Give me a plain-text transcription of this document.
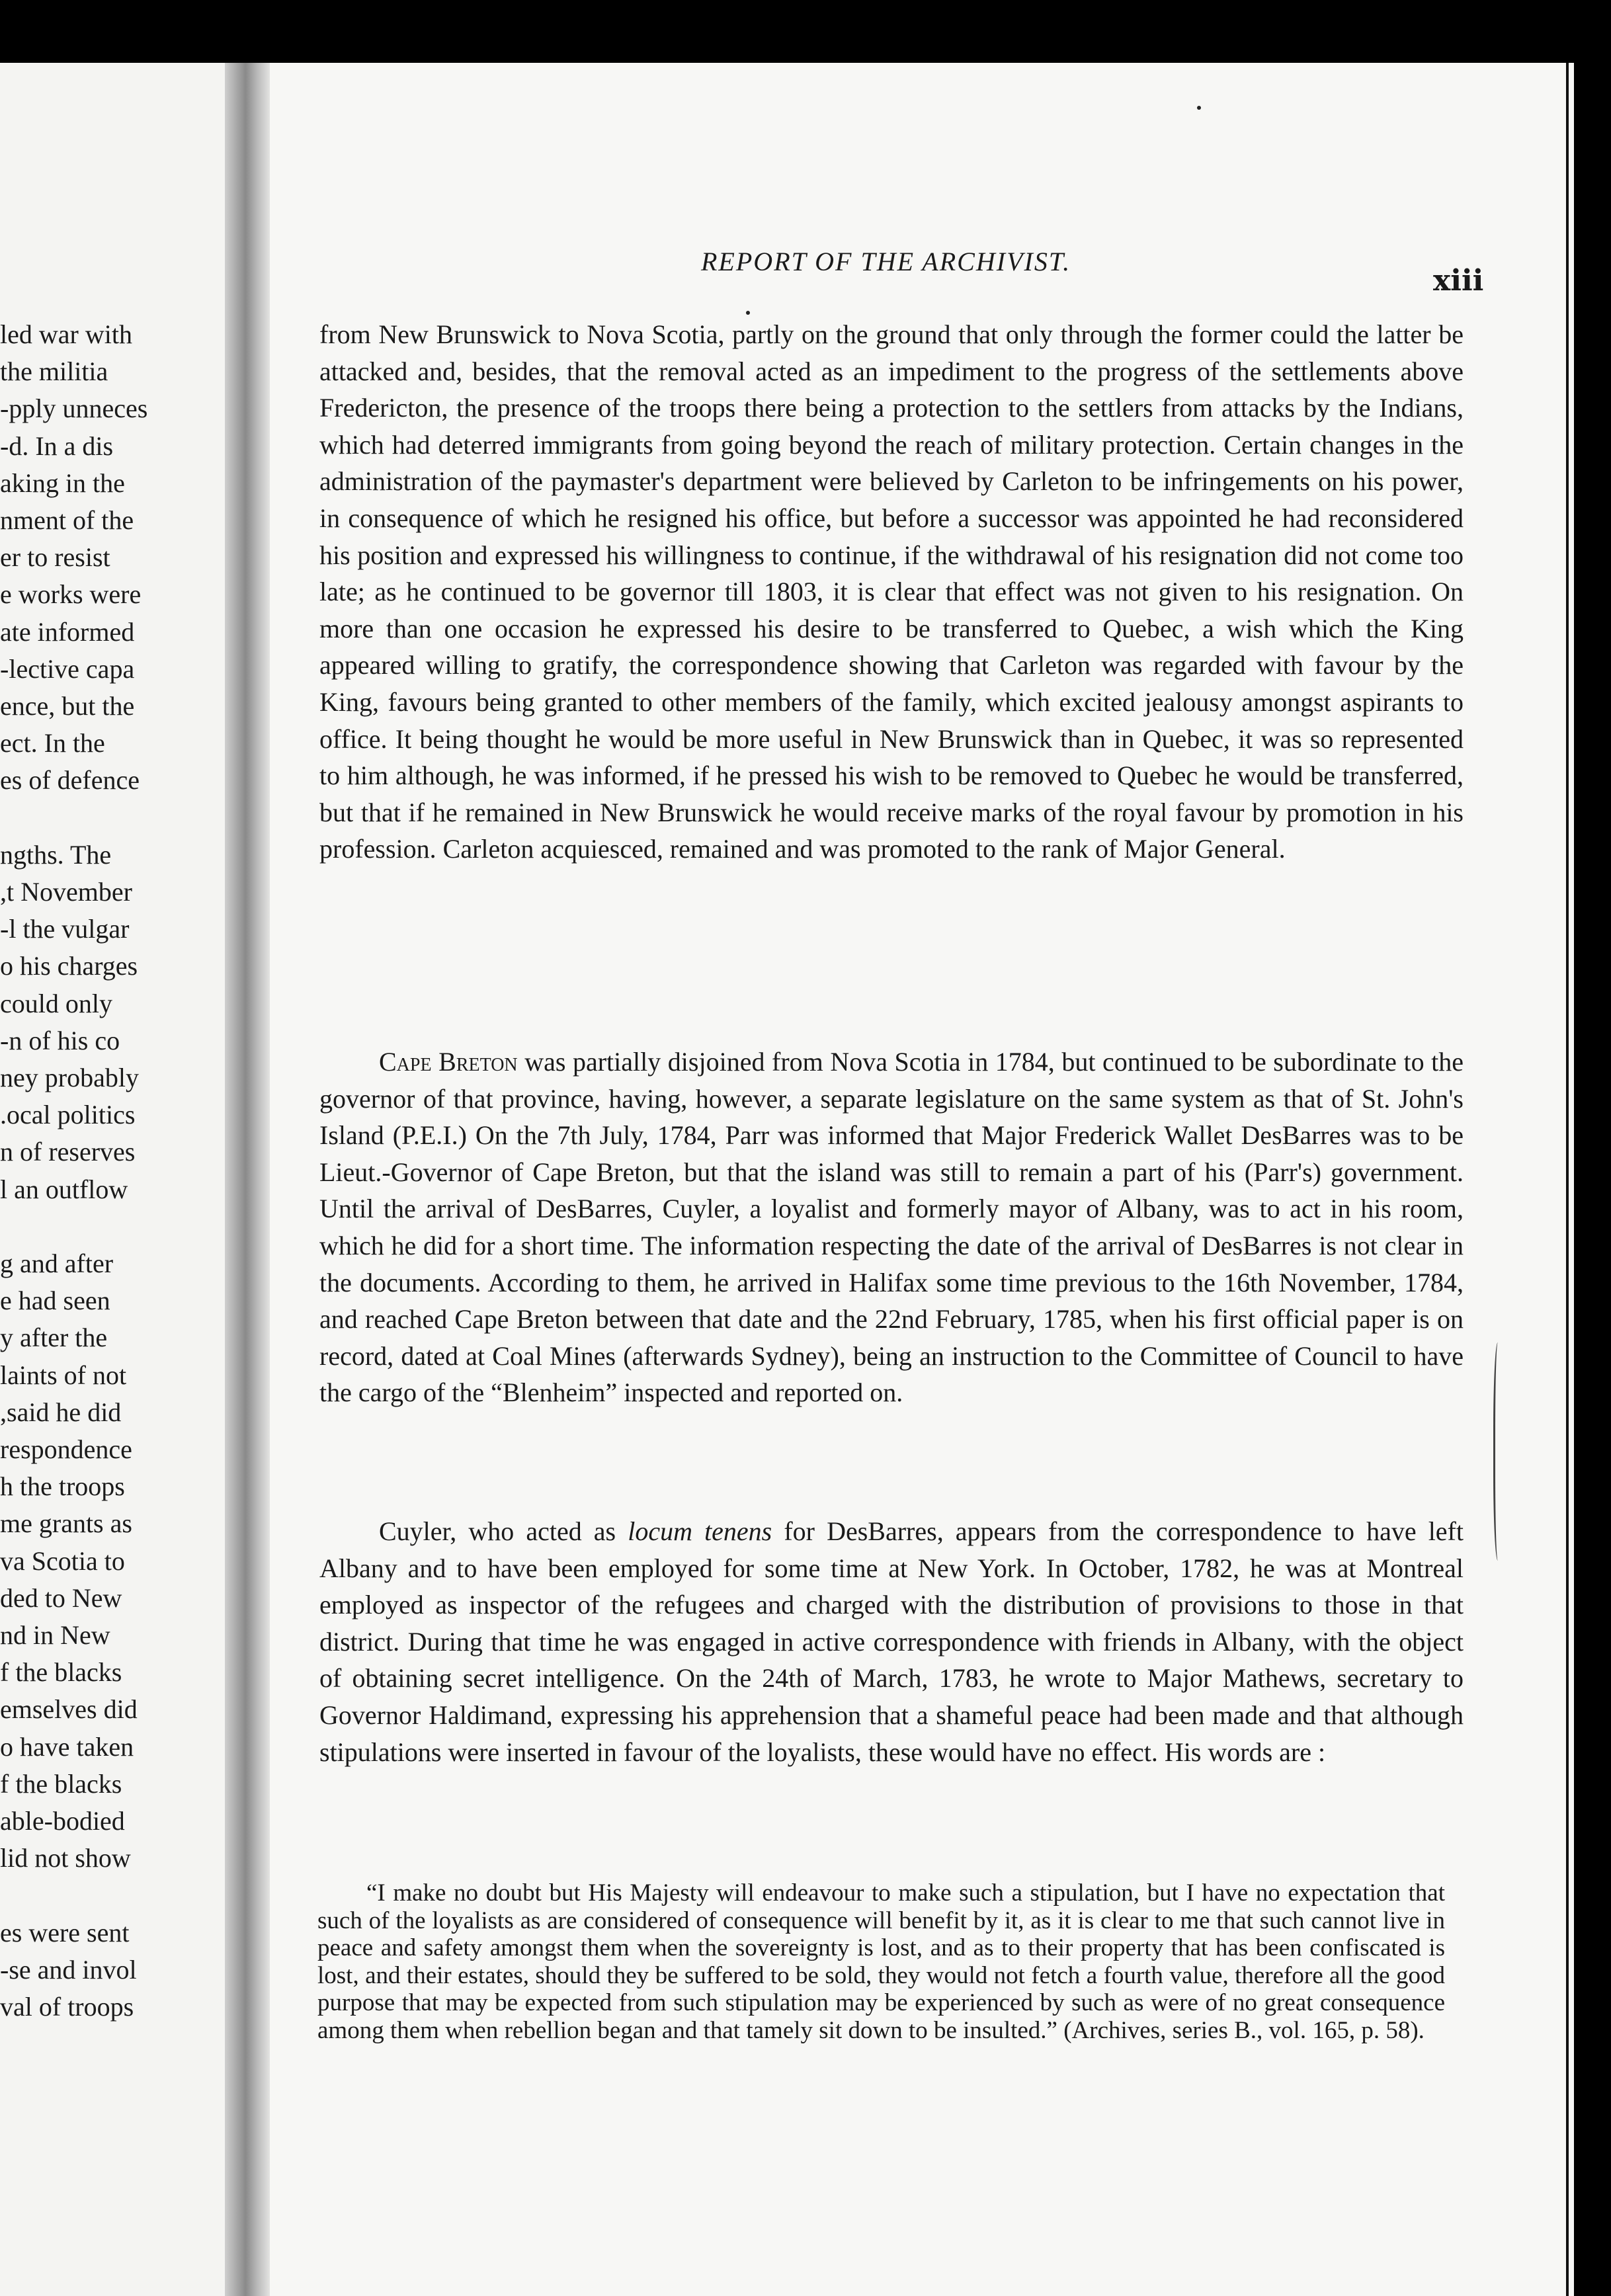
led war with
the militia
pply unneces-
d. In a dis-
aking in the
nment of the
er to resist
e works were
ate informed
lective capa-
ence, but the
ect. In the
es of defence
ngths. The
t November,
l the vulgar-
o his charges
could only
n of his co-
ney probably
ocal politics.
n of reserves
l an outflow
g and after
e had seen
y after the
laints of not
said he did,
respondence
h the troops
me grants as
va Scotia to
ded to New
nd in New
f the blacks
emselves did
o have taken
f the blacks
able-bodied
lid not show
es were sent
se and invol-
val of troops
REPORT OF THE ARCHIVIST.
xiii

from New Brunswick to Nova Scotia, partly on the ground that only through the former could the latter be attacked and, besides, that the removal acted as an impediment to the progress of the settlements above Fredericton, the presence of the troops there being a protection to the settlers from attacks by the Indians, which had deterred immigrants from going beyond the reach of military protection. Certain changes in the administration of the paymaster's department were believed by Carleton to be infringements on his power, in consequence of which he resigned his office, but before a successor was appointed he had reconsidered his position and expressed his willingness to continue, if the withdrawal of his resignation did not come too late; as he continued to be governor till 1803, it is clear that effect was not given to his resignation. On more than one occasion he expressed his desire to be transferred to Quebec, a wish which the King appeared willing to gratify, the correspondence showing that Carleton was regarded with favour by the King, favours being granted to other members of the family, which excited jealousy amongst aspirants to office. It being thought he would be more useful in New Brunswick than in Quebec, it was so represented to him although, he was informed, if he pressed his wish to be removed to Quebec he would be transferred, but that if he remained in New Brunswick he would receive marks of the royal favour by promotion in his profession. Carleton acquiesced, remained and was promoted to the rank of Major General.

Cape Breton was partially disjoined from Nova Scotia in 1784, but continued to be subordinate to the governor of that province, having, however, a separate legislature on the same system as that of St. John's Island (P.E.I.) On the 7th July, 1784, Parr was informed that Major Frederick Wallet DesBarres was to be Lieut.-Governor of Cape Breton, but that the island was still to remain a part of his (Parr's) government. Until the arrival of DesBarres, Cuyler, a loyalist and formerly mayor of Albany, was to act in his room, which he did for a short time. The information respecting the date of the arrival of DesBarres is not clear in the documents. According to them, he arrived in Halifax some time previous to the 16th November, 1784, and reached Cape Breton between that date and the 22nd February, 1785, when his first official paper is on record, dated at Coal Mines (afterwards Sydney), being an instruction to the Committee of Council to have the cargo of the “Blenheim” inspected and reported on.

Cuyler, who acted as locum tenens for DesBarres, appears from the correspondence to have left Albany and to have been employed for some time at New York. In October, 1782, he was at Montreal employed as inspector of the refugees and charged with the distribution of provisions to those in that district. During that time he was engaged in active correspondence with friends in Albany, with the object of obtaining secret intelligence. On the 24th of March, 1783, he wrote to Major Mathews, secretary to Governor Haldimand, expressing his apprehension that a shameful peace had been made and that although stipulations were inserted in favour of the loyalists, these would have no effect. His words are :

“I make no doubt but His Majesty will endeavour to make such a stipulation, but I have no expectation that such of the loyalists as are considered of consequence will benefit by it, as it is clear to me that such cannot live in peace and safety amongst them when the sovereignty is lost, and as to their property that has been confiscated is lost, and their estates, should they be suffered to be sold, they would not fetch a fourth value, therefore all the good purpose that may be expected from such stipulation may be experienced by such as were of no great consequence among them when rebellion began and that tamely sit down to be insulted.” (Archives, series B., vol. 165, p. 58).
